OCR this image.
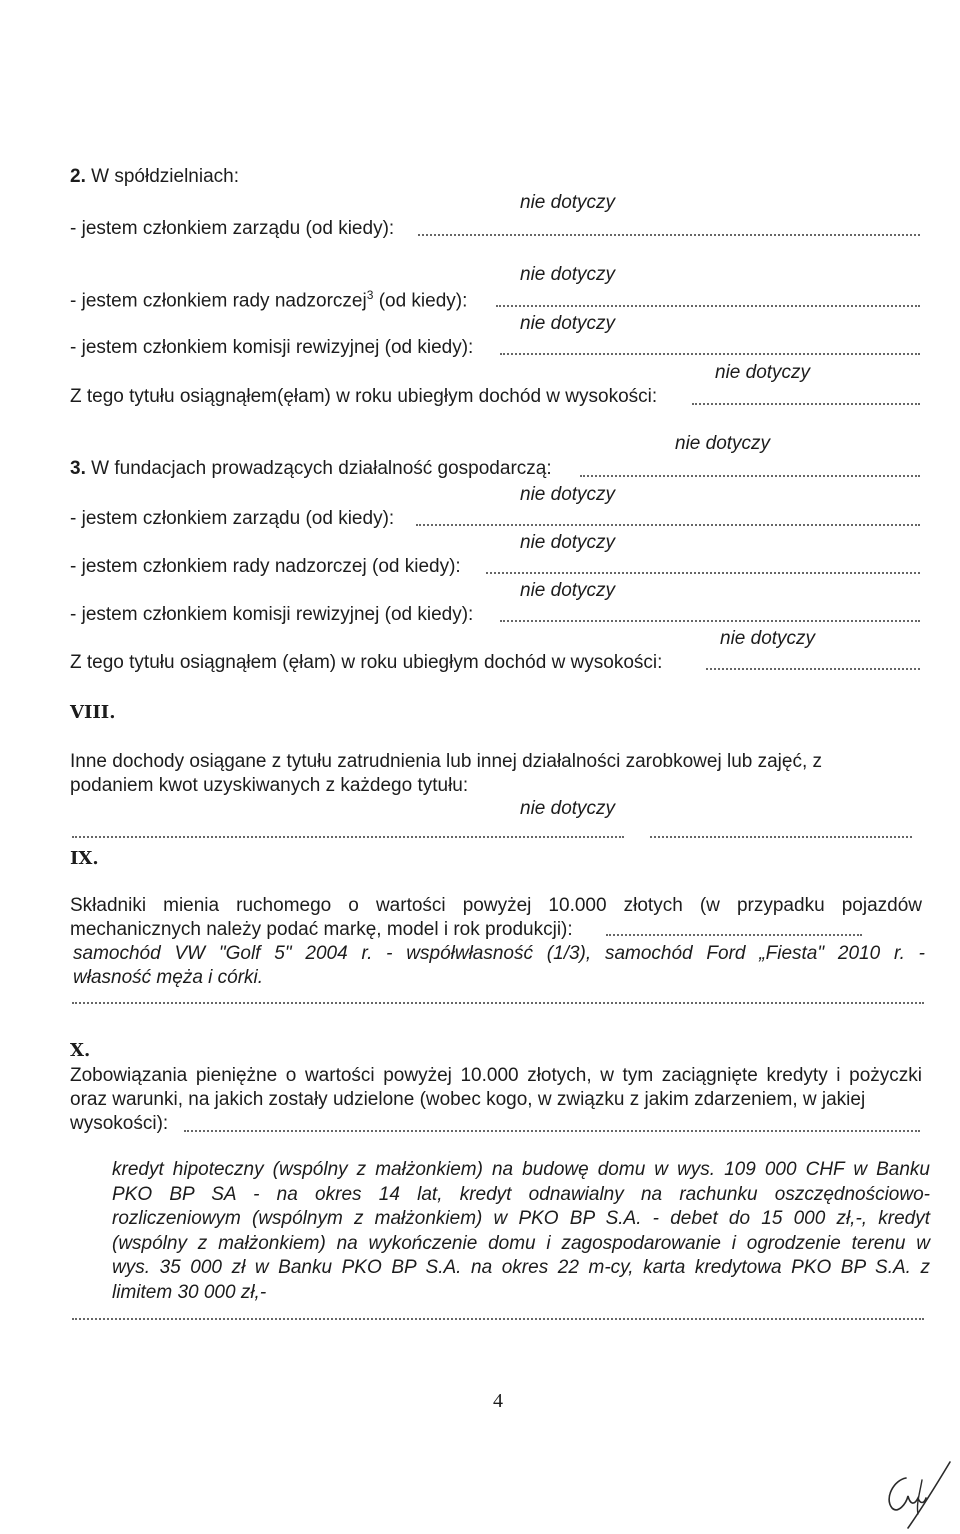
2. W spółdzielniach:
nie dotyczy
- jestem członkiem zarządu (od kiedy):
nie dotyczy
- jestem członkiem rady nadzorczej$^3$ (od kiedy):
nie dotyczy
- jestem członkiem komisji rewizyjnej (od kiedy):
nie dotyczy
Z tego tytułu osiągnąłem(ęłam) w roku ubiegłym dochód w wysokości:
nie dotyczy
3. W fundacjach prowadzących działalność gospodarczą:
nie dotyczy
- jestem członkiem zarządu (od kiedy):
nie dotyczy
- jestem członkiem rady nadzorczej (od kiedy):
nie dotyczy
- jestem członkiem komisji rewizyjnej (od kiedy):
nie dotyczy
Z tego tytułu osiągnąłem (ęłam) w roku ubiegłym dochód w wysokości:
VIII.
Inne dochody osiągane z tytułu zatrudnienia lub innej działalności zarobkowej lub zajęć, z
podaniem kwot uzyskiwanych z każdego tytułu:
nie dotyczy
IX.
Składniki mienia ruchomego o wartości powyżej 10.000 złotych (w przypadku pojazdów
mechanicznych należy podać markę, model i rok produkcji):
samochód VW "Golf 5" 2004 r. - współwłasność (1/3), samochód Ford „Fiesta" 2010 r. -
własność męża i córki.
X.
Zobowiązania pieniężne o wartości powyżej 10.000 złotych, w tym zaciągnięte kredyty i pożyczki
oraz warunki, na jakich zostały udzielone (wobec kogo, w związku z jakim zdarzeniem, w jakiej
wysokości):
kredyt hipoteczny (wspólny z małżonkiem) na budowę domu w wys. 109 000 CHF w Banku
PKO BP SA - na okres 14 lat, kredyt odnawialny na rachunku oszczędnościowo-
rozliczeniowym (wspólnym z małżonkiem) w PKO BP S.A. - debet do 15 000 zł,-, kredyt
(wspólny z małżonkiem) na wykończenie domu i zagospodarowanie i ogrodzenie terenu w
wys. 35 000 zł w Banku PKO BP S.A. na okres 22 m-cy, karta kredytowa PKO BP S.A. z
limitem 30 000 zł,-
4
